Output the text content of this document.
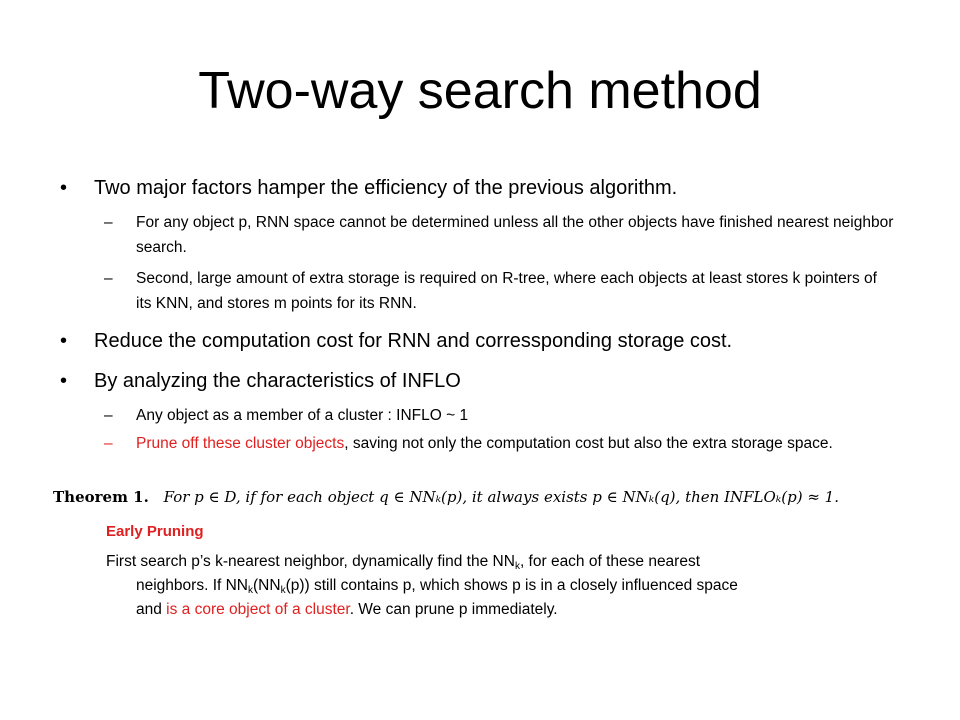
Two-way search method
•	Two major factors hamper the efficiency of the previous algorithm.
– For any object p, RNN space cannot be determined unless all the other objects have finished nearest neighbor search.
– Second, large amount of extra storage is required on R-tree, where each objects at least stores k pointers of its KNN, and stores m points for its RNN.
•	Reduce the computation cost for RNN and corressponding storage cost.
•	By analyzing the characteristics of INFLO
– Any object as a member of a cluster : INFLO ~ 1
– Prune off these cluster objects, saving not only the computation cost but also the extra storage space.
Theorem 1. For p ∈ D, if for each object q ∈ NNₖ(p), it always exists p ∈ NNₖ(q), then INFLOₖ(p) ≈ 1.
Early Pruning
First search p’s k-nearest neighbor, dynamically find the $NN_k$, for each of these nearest
neighbors. If $NN_k(NN_k(p))$ still contains p, which shows p is in a closely influenced space
and is a core object of a cluster. We can prune p immediately.
